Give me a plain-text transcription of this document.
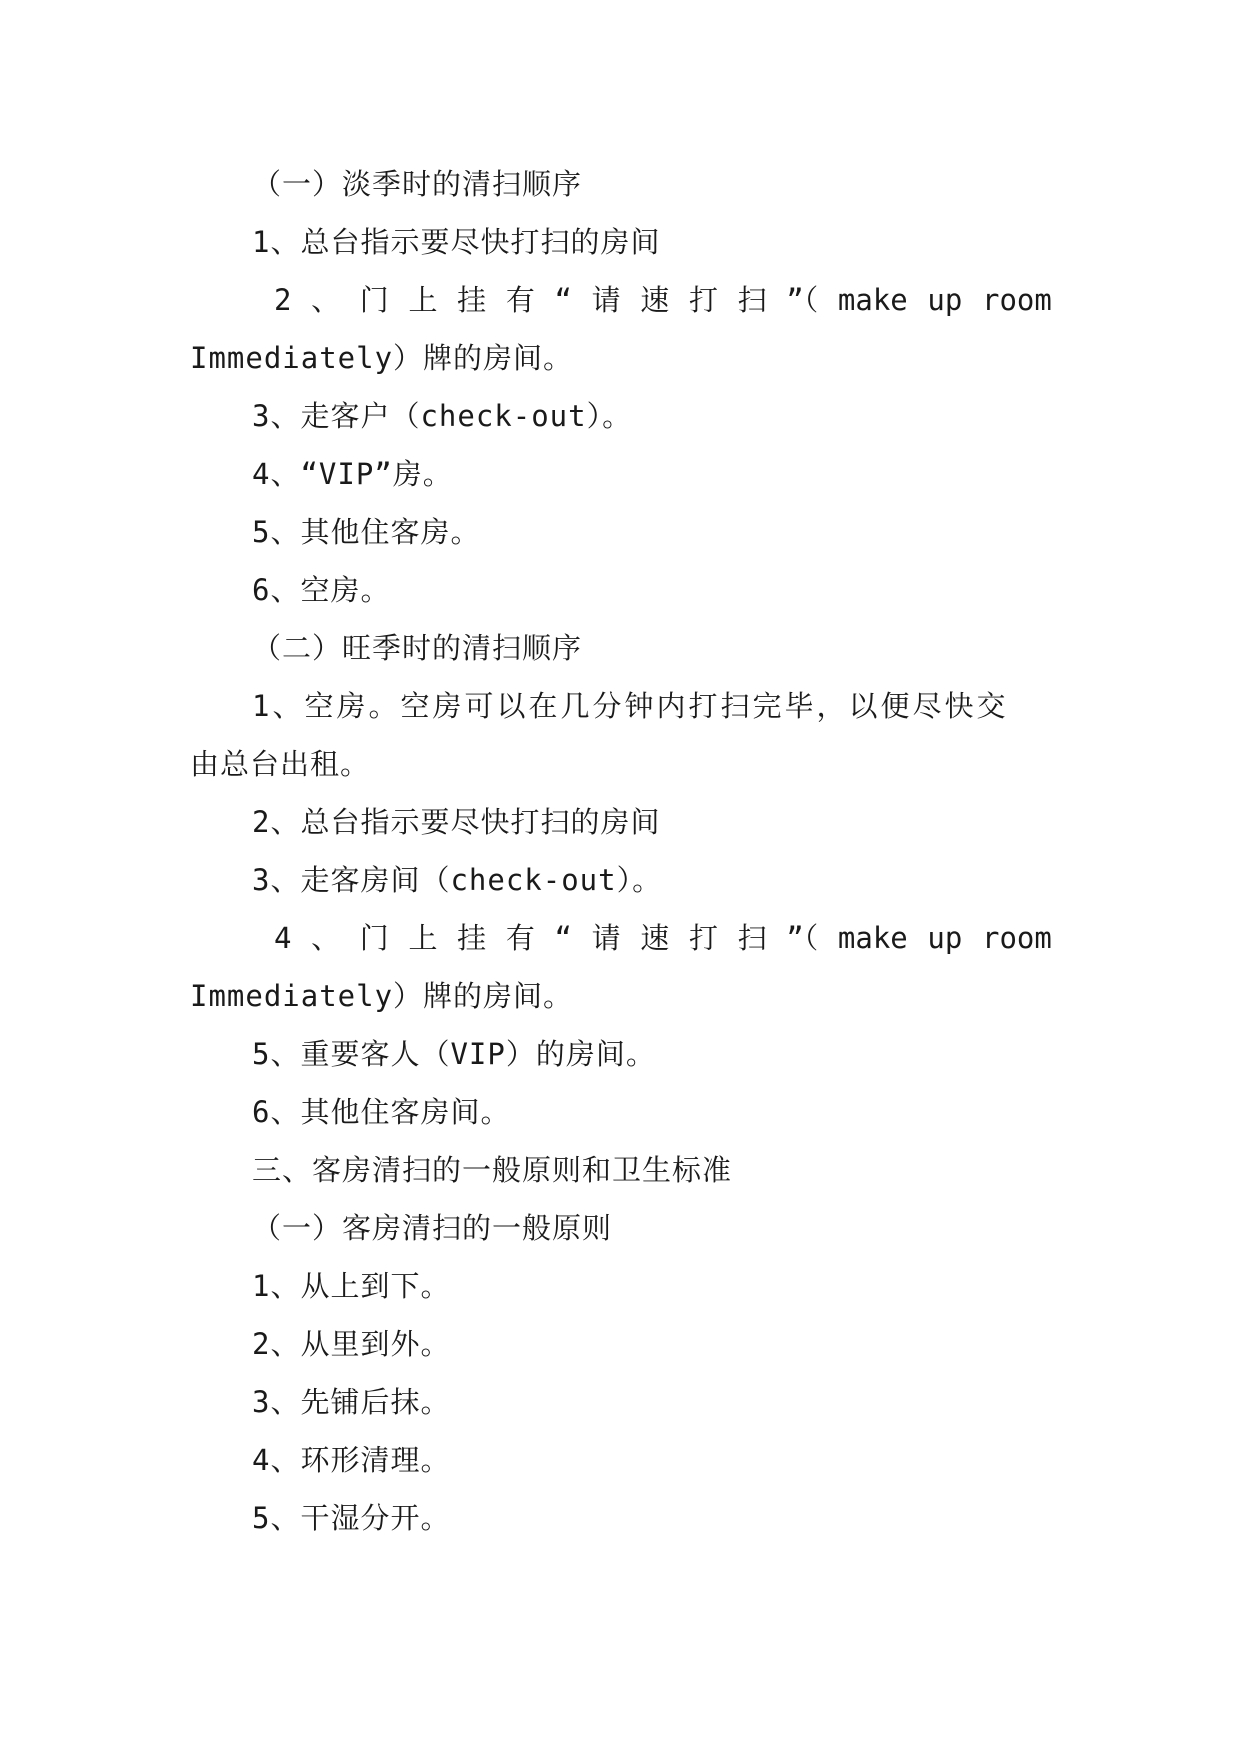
（一）淡季时的清扫顺序
1、总台指示要尽快打扫的房间
2 、 门 上 挂 有 “ 请 速 打 扫 ”（ make up room
Immediately）牌的房间。
3、走客户（check-out）。
4、“VIP”房。
5、其他住客房。
6、空房。
（二）旺季时的清扫顺序
1、空房。空房可以在几分钟内打扫完毕，以便尽快交
由总台出租。
2、总台指示要尽快打扫的房间
3、走客房间（check-out）。
4 、 门 上 挂 有 “ 请 速 打 扫 ”（ make up room
Immediately）牌的房间。
5、重要客人（VIP）的房间。
6、其他住客房间。
三、客房清扫的一般原则和卫生标准
（一）客房清扫的一般原则
1、从上到下。
2、从里到外。
3、先铺后抹。
4、环形清理。
5、干湿分开。
